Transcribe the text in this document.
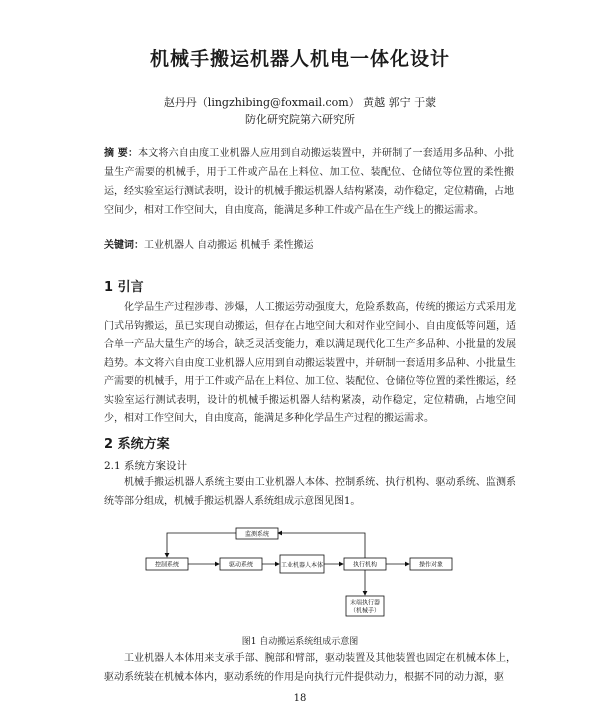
机械手搬运机器人机电一体化设计
赵丹丹（lingzhibing@foxmail.com） 黄越 郭宁 于蒙
防化研究院第六研究所
摘 要：本文将六自由度工业机器人应用到自动搬运装置中，并研制了一套适用多品种、小批量生产需要的机械手，用于工件或产品在上料位、加工位、装配位、仓储位等位置的柔性搬运，经实验室运行测试表明，设计的机械手搬运机器人结构紧凑，动作稳定，定位精确，占地空间少，相对工作空间大，自由度高，能满足多种工件或产品在生产线上的搬运需求。
关键词：工业机器人 自动搬运 机械手 柔性搬运
1 引言
化学品生产过程涉毒、涉爆，人工搬运劳动强度大，危险系数高，传统的搬运方式采用龙门式吊钩搬运，虽已实现自动搬运，但存在占地空间大和对作业空间小、自由度低等问题，适合单一产品大量生产的场合，缺乏灵活变能力，难以满足现代化工生产多品种、小批量的发展趋势。本文将六自由度工业机器人应用到自动搬运装置中，并研制一套适用多品种、小批量生产需要的机械手，用于工件或产品在上料位、加工位、装配位、仓储位等位置的柔性搬运，经实验室运行测试表明，设计的机械手搬运机器人结构紧凑，动作稳定，定位精确，占地空间少，相对工作空间大，自由度高，能满足多种化学品生产过程的搬运需求。
2 系统方案
2.1 系统方案设计
机械手搬运机器人系统主要由工业机器人本体、控制系统、执行机构、驱动系统、监测系统等部分组成，机械手搬运机器人系统组成示意图见图1。
监测系统
控制系统	驱动系统	工业机器人本体	执行机构	操作对象
末端执行器
（机械手）
图1 自动搬运系统组成示意图
工业机器人本体用来支承手部、腕部和臂部，驱动装置及其他装置也固定在机械本体上，驱动系统装在机械本体内，驱动系统的作用是向执行元件提供动力，根据不同的动力源，驱
18
